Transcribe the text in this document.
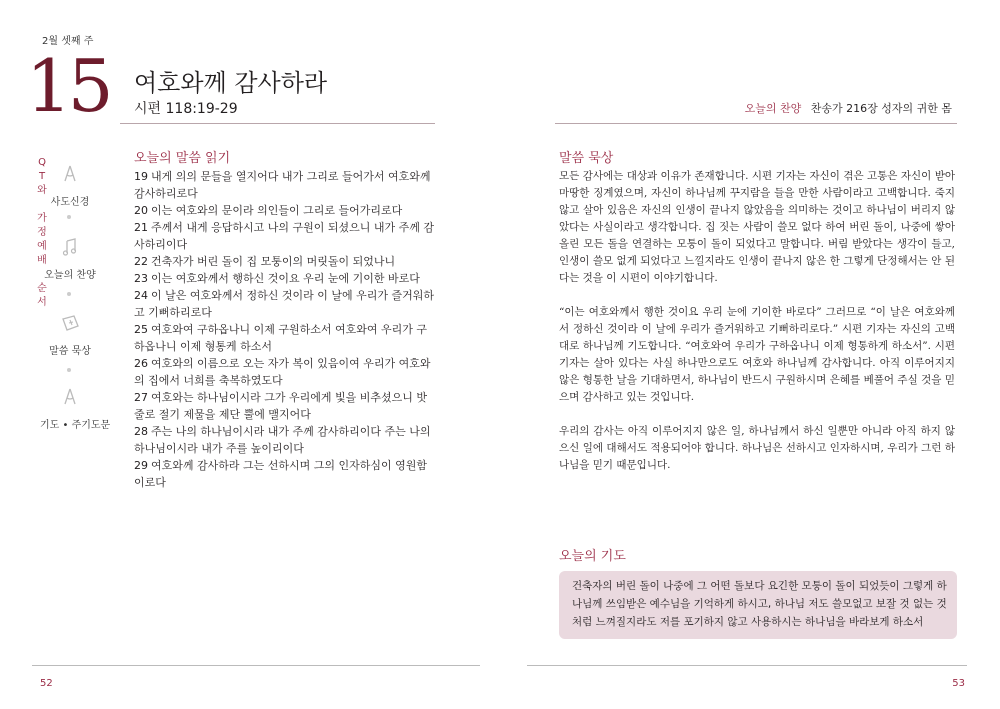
2월 셋째 주
15 여호와께 감사하라
시편 118:19-29	오늘의 찬양 찬송가 216장 성자의 귀한 몸
Q
T
와
가
정
예
배
순
서
사도신경
오늘의 찬양
말씀 묵상
기도 • 주기도문
오늘의 말씀 읽기

19 내게 의의 문들을 열지어다 내가 그리로 들어가서 여호와께 감사하리로다

20 이는 여호와의 문이라 의인들이 그리로 들어가리로다

21 주께서 내게 응답하시고 나의 구원이 되셨으니 내가 주께 감사하리이다

22 건축자가 버린 돌이 집 모퉁이의 머릿돌이 되었나니

23 이는 여호와께서 행하신 것이요 우리 눈에 기이한 바로다

24 이 날은 여호와께서 정하신 것이라 이 날에 우리가 즐거워하고 기뻐하리로다

25 여호와여 구하옵나니 이제 구원하소서 여호와여 우리가 구하옵나니 이제 형통케 하소서

26 여호와의 이름으로 오는 자가 복이 있음이여 우리가 여호와의 집에서 너희를 축복하였도다

27 여호와는 하나님이시라 그가 우리에게 빛을 비추셨으니 밧줄로 절기 제물을 제단 뿔에 맬지어다

28 주는 나의 하나님이시라 내가 주께 감사하리이다 주는 나의 하나님이시라 내가 주를 높이리이다

29 여호와께 감사하라 그는 선하시며 그의 인자하심이 영원함이로다

말씀 묵상

모든 감사에는 대상과 이유가 존재합니다. 시편 기자는 자신이 겪은 고통은 자신이 받아 마땅한 징계였으며, 자신이 하나님께 꾸지람을 들을 만한 사람이라고 고백합니다. 죽지 않고 살아 있음은 자신의 인생이 끝나지 않았음을 의미하는 것이고 하나님이 버리지 않았다는 사실이라고 생각합니다. 집 짓는 사람이 쓸모 없다 하여 버린 돌이, 나중에 쌓아 올린 모든 돌을 연결하는 모퉁이 돌이 되었다고 말합니다. 버림 받았다는 생각이 들고, 인생이 쓸모 없게 되었다고 느낄지라도 인생이 끝나지 않은 한 그렇게 단정해서는 안 된다는 것을 이 시편이 이야기합니다.

“이는 여호와께서 행한 것이요 우리 눈에 기이한 바로다” 그러므로 “이 날은 여호와께서 정하신 것이라 이 날에 우리가 즐거워하고 기뻐하리로다.” 시편 기자는 자신의 고백대로 하나님께 기도합니다. “여호와여 우리가 구하옵나니 이제 형통하게 하소서”. 시편 기자는 살아 있다는 사실 하나만으로도 여호와 하나님께 감사합니다. 아직 이루어지지 않은 형통한 날을 기대하면서, 하나님이 반드시 구원하시며 은혜를 베풀어 주실 것을 믿으며 감사하고 있는 것입니다.

우리의 감사는 아직 이루어지지 않은 일, 하나님께서 하신 일뿐만 아니라 아직 하지 않으신 일에 대해서도 적용되어야 합니다. 하나님은 선하시고 인자하시며, 우리가 그런 하나님을 믿기 때문입니다.

오늘의 기도
건축자의 버린 돌이 나중에 그 어떤 돌보다 요긴한 모퉁이 돌이 되었듯이 그렇게 하나님께 쓰임받은 예수님을 기억하게 하시고, 하나님 저도 쓸모없고 보잘 것 없는 것처럼 느껴질지라도 저를 포기하지 않고 사용하시는 하나님을 바라보게 하소서
52	53
